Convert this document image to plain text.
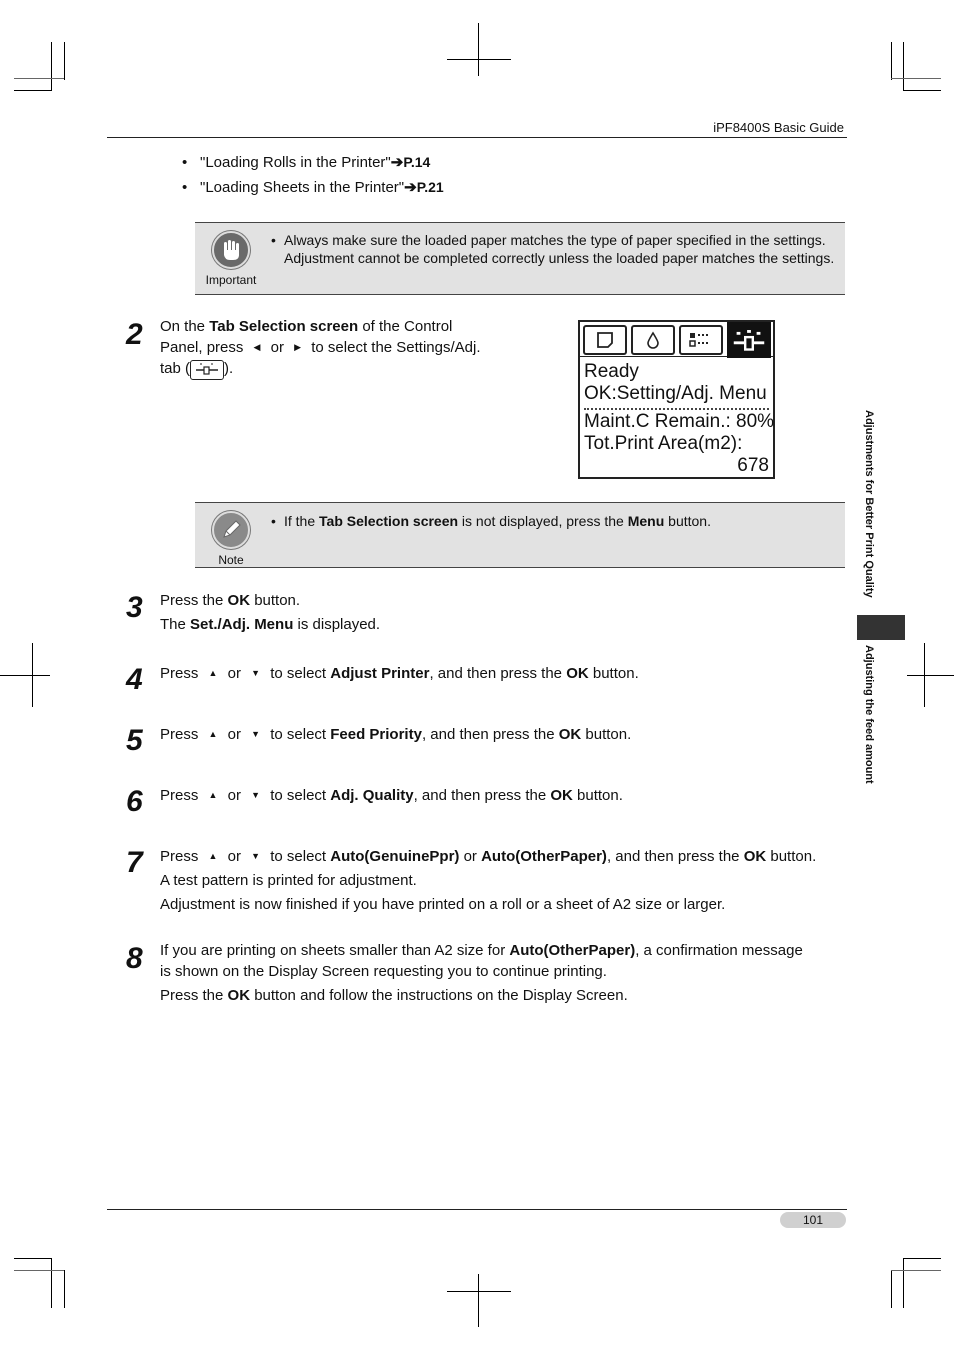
iPF8400S Basic Guide
• "Loading Rolls in the Printer"➔P.14
• "Loading Sheets in the Printer"➔P.21
Important
• Always make sure the loaded paper matches the type of paper specified in the settings. Adjustment cannot be completed correctly unless the loaded paper matches the settings.
2 On the Tab Selection screen of the Control
Panel, press ◀ or ▶ to select the Settings/Adj.
tab ( ).	Ready
OK:Setting/Adj. Menu
Maint.C Remain.: 80%
Tot.Print Area(m2):
678
Note
• If the Tab Selection screen is not displayed, press the Menu button.
3 Press the OK button.
The Set./Adj. Menu is displayed.
4 Press ▲ or ▼ to select Adjust Printer, and then press the OK button.
5 Press ▲ or ▼ to select Feed Priority, and then press the OK button.
6 Press ▲ or ▼ to select Adj. Quality, and then press the OK button.
7 Press ▲ or ▼ to select Auto(GenuinePpr) or Auto(OtherPaper), and then press the OK button.
A test pattern is printed for adjustment.
Adjustment is now finished if you have printed on a roll or a sheet of A2 size or larger.
8 If you are printing on sheets smaller than A2 size for Auto(OtherPaper), a confirmation message
is shown on the Display Screen requesting you to continue printing.
Press the OK button and follow the instructions on the Display Screen.
Adjustments for Better Print Quality
Adjusting the feed amount
101
